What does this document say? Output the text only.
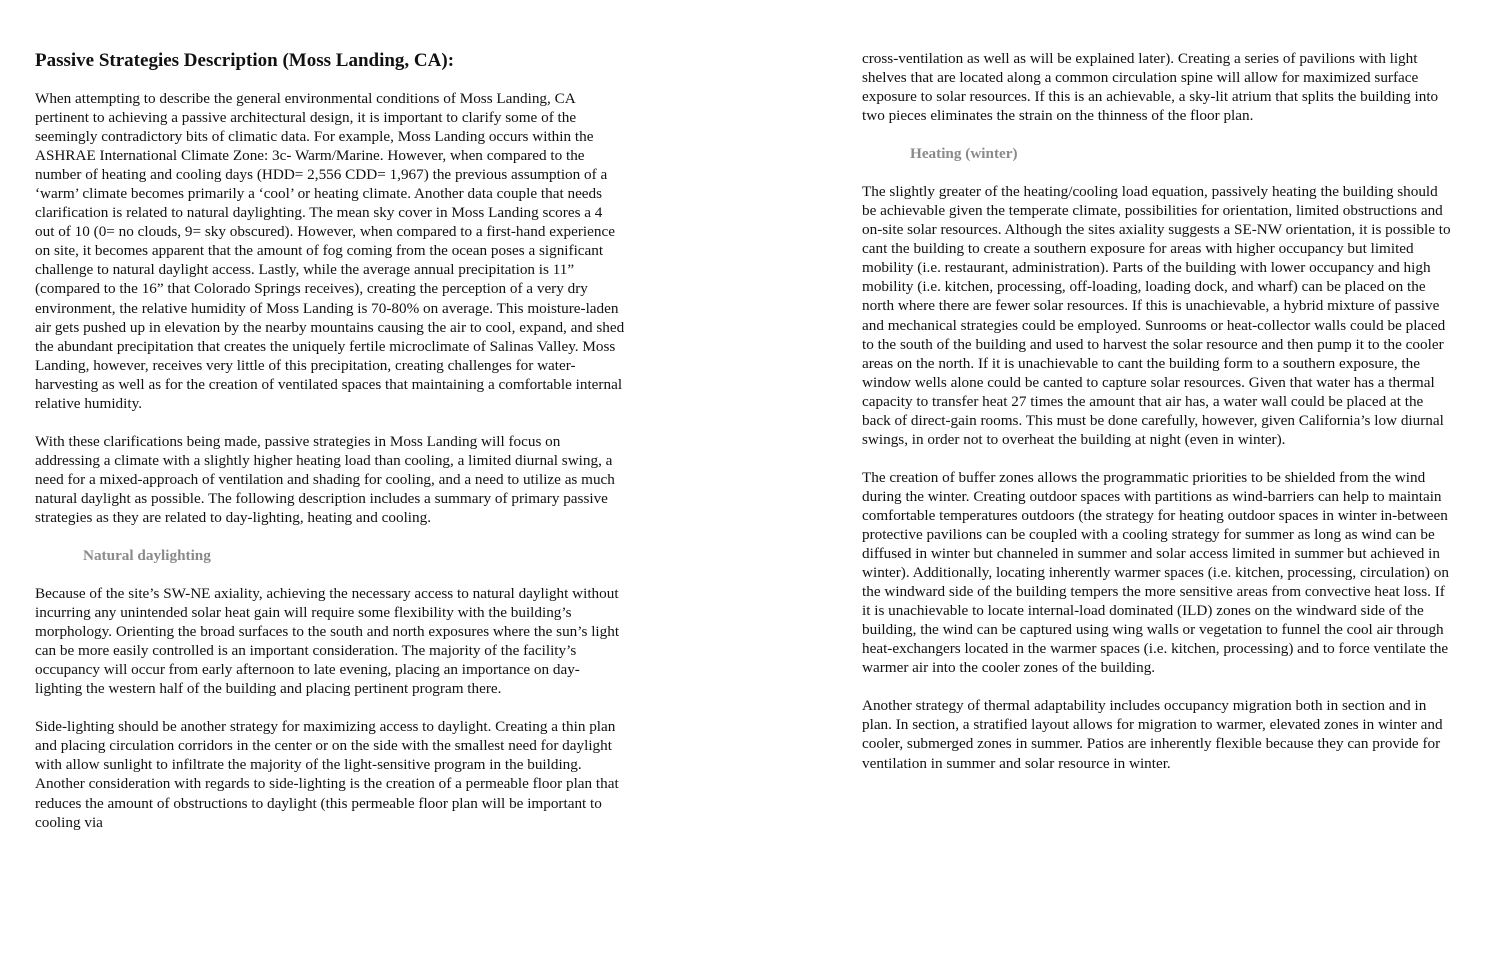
Passive Strategies Description (Moss Landing, CA):

When attempting to describe the general environmental conditions of Moss Landing, CA pertinent to achieving a passive architectural design, it is important to clarify some of the seemingly contradictory bits of climatic data. For example, Moss Landing occurs within the ASHRAE International Climate Zone: 3c- Warm/Marine. However, when compared to the number of heating and cooling days (HDD= 2,556 CDD= 1,967) the previous assumption of a ‘warm’ climate becomes primarily a ‘cool’ or heating climate. Another data couple that needs clarification is related to natural daylighting. The mean sky cover in Moss Landing scores a 4 out of 10 (0= no clouds, 9= sky obscured). However, when compared to a first-hand experience on site, it becomes apparent that the amount of fog coming from the ocean poses a significant challenge to natural daylight access. Lastly, while the average annual precipitation is 11” (compared to the 16” that Colorado Springs receives), creating the perception of a very dry environment, the relative humidity of Moss Landing is 70-80% on average. This moisture-laden air gets pushed up in elevation by the nearby mountains causing the air to cool, expand, and shed the abundant precipitation that creates the uniquely fertile microclimate of Salinas Valley. Moss Landing, however, receives very little of this precipitation, creating challenges for water-harvesting as well as for the creation of ventilated spaces that maintaining a comfortable internal relative humidity.

With these clarifications being made, passive strategies in Moss Landing will focus on addressing a climate with a slightly higher heating load than cooling, a limited diurnal swing, a need for a mixed-approach of ventilation and shading for cooling, and a need to utilize as much natural daylight as possible. The following description includes a summary of primary passive strategies as they are related to day-lighting, heating and cooling.

Natural daylighting

Because of the site’s SW-NE axiality, achieving the necessary access to natural daylight without incurring any unintended solar heat gain will require some flexibility with the building’s morphology. Orienting the broad surfaces to the south and north exposures where the sun’s light can be more easily controlled is an important consideration. The majority of the facility’s occupancy will occur from early afternoon to late evening, placing an importance on day-lighting the western half of the building and placing pertinent program there.

Side-lighting should be another strategy for maximizing access to daylight. Creating a thin plan and placing circulation corridors in the center or on the side with the smallest need for daylight with allow sunlight to infiltrate the majority of the light-sensitive program in the building. Another consideration with regards to side-lighting is the creation of a permeable floor plan that reduces the amount of obstructions to daylight (this permeable floor plan will be important to cooling via

cross-ventilation as well as will be explained later). Creating a series of pavilions with light shelves that are located along a common circulation spine will allow for maximized surface exposure to solar resources. If this is an achievable, a sky-lit atrium that splits the building into two pieces eliminates the strain on the thinness of the floor plan.

Heating (winter)

The slightly greater of the heating/cooling load equation, passively heating the building should be achievable given the temperate climate, possibilities for orientation, limited obstructions and on-site solar resources. Although the sites axiality suggests a SE-NW orientation, it is possible to cant the building to create a southern exposure for areas with higher occupancy but limited mobility (i.e. restaurant, administration). Parts of the building with lower occupancy and high mobility (i.e. kitchen, processing, off-loading, loading dock, and wharf) can be placed on the north where there are fewer solar resources. If this is unachievable, a hybrid mixture of passive and mechanical strategies could be employed. Sunrooms or heat-collector walls could be placed to the south of the building and used to harvest the solar resource and then pump it to the cooler areas on the north. If it is unachievable to cant the building form to a southern exposure, the window wells alone could be canted to capture solar resources. Given that water has a thermal capacity to transfer heat 27 times the amount that air has, a water wall could be placed at the back of direct-gain rooms. This must be done carefully, however, given California’s low diurnal swings, in order not to overheat the building at night (even in winter).

The creation of buffer zones allows the programmatic priorities to be shielded from the wind during the winter. Creating outdoor spaces with partitions as wind-barriers can help to maintain comfortable temperatures outdoors (the strategy for heating outdoor spaces in winter in-between protective pavilions can be coupled with a cooling strategy for summer as long as wind can be diffused in winter but channeled in summer and solar access limited in summer but achieved in winter). Additionally, locating inherently warmer spaces (i.e. kitchen, processing, circulation) on the windward side of the building tempers the more sensitive areas from convective heat loss. If it is unachievable to locate internal-load dominated (ILD) zones on the windward side of the building, the wind can be captured using wing walls or vegetation to funnel the cool air through heat-exchangers located in the warmer spaces (i.e. kitchen, processing) and to force ventilate the warmer air into the cooler zones of the building.

Another strategy of thermal adaptability includes occupancy migration both in section and in plan. In section, a stratified layout allows for migration to warmer, elevated zones in winter and cooler, submerged zones in summer. Patios are inherently flexible because they can provide for ventilation in summer and solar resource in winter.
